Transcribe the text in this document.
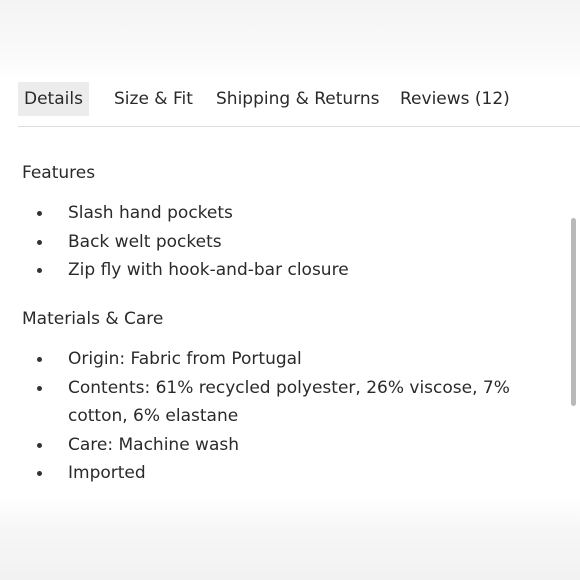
Details	Size & Fit Shipping & Returns Reviews (12)
Features
Slash hand pockets
Back welt pockets
Zip fly with hook-and-bar closure
Materials & Care
Origin: Fabric from Portugal
Contents: 61% recycled polyester, 26% viscose, 7% cotton, 6% elastane
Care: Machine wash
Imported
